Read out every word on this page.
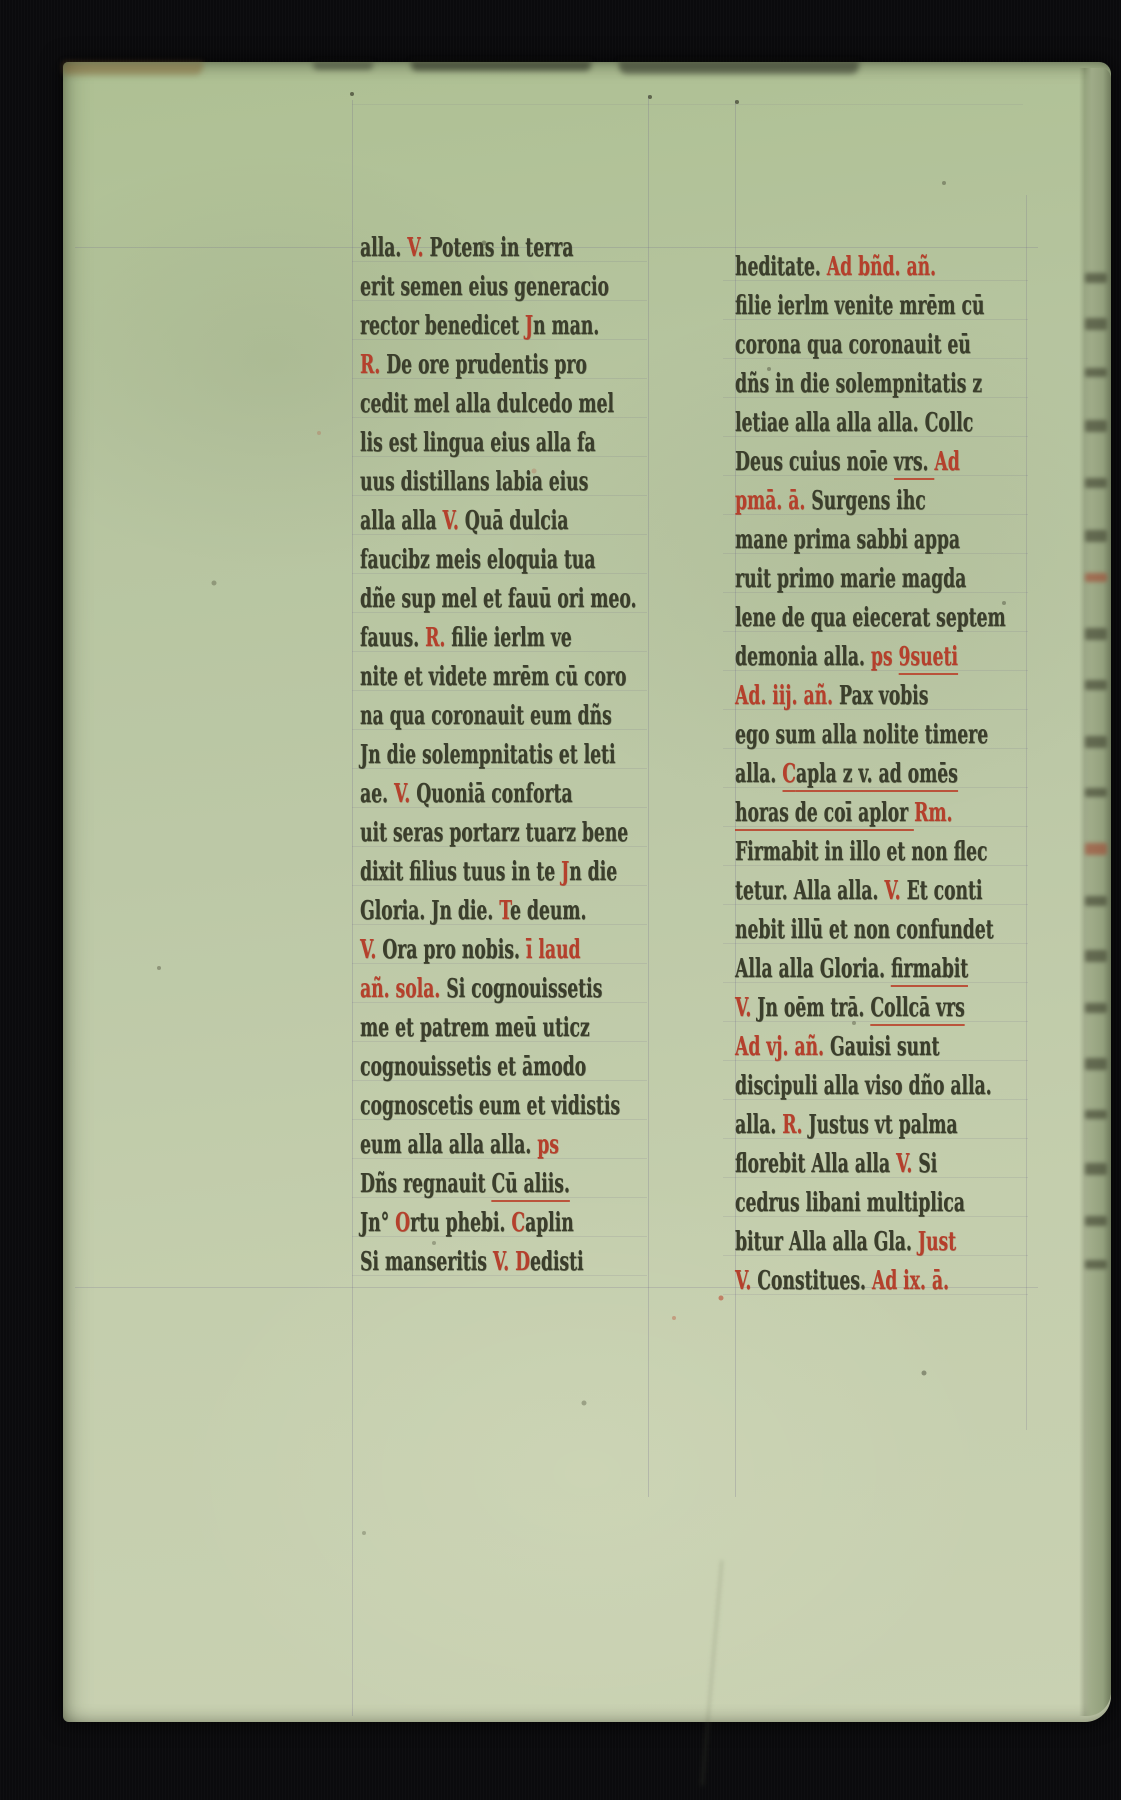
alla. V. Potens in terra
erit semen eius generacio
rector benedicet Jn man.
R. De ore prudentis pro
cedit mel alla dulcedo mel
lis est lingua eius alla fa
uus distillans labia eius
alla alla V. Quā dulcia
faucibz meis eloquia tua
dñe sup mel et fauū ori meo.
fauus. R. filie ierlm ve
nite et videte mrēm cū coro
na qua coronauit eum dñs
Jn die solempnitatis et leti
ae. V. Quoniā conforta
uit seras portarz tuarz bene
dixit filius tuus in te Jn die
Gloria. Jn die. Te deum.
V. Ora pro nobis. ī laud
añ. sola. Si cognouissetis
me et patrem meū uticz
cognouissetis et āmodo
cognoscetis eum et vidistis
eum alla alla alla. ps
Dñs regnauit Cū aliis.
Jn° Ortu phebi. Caplin
Si manseritis V. Dedisti
heditate. Ad bñd. añ.
filie ierlm venite mrēm cū
corona qua coronauit eū
dñs in die solempnitatis z
letiae alla alla alla. Collc
Deus cuius noīe vrs. Ad
pmā. ā. Surgens ihc
mane prima sabbi appa
ruit primo marie magda
lene de qua eiecerat septem
demonia alla. ps 9sueti
Ad. iij. añ. Pax vobis
ego sum alla nolite timere
alla. Capla z v. ad omēs
horas de coī aplor Rm.
Firmabit in illo et non flec
tetur. Alla alla. V. Et conti
nebit illū et non confundet
Alla alla Gloria. firmabit
V. Jn oēm trā. Collcā vrs
Ad vj. añ. Gauisi sunt
discipuli alla viso dño alla.
alla. R. Justus vt palma
florebit Alla alla V. Si
cedrus libani multiplica
bitur Alla alla Gla. Just
V. Constitues. Ad ix. ā.
